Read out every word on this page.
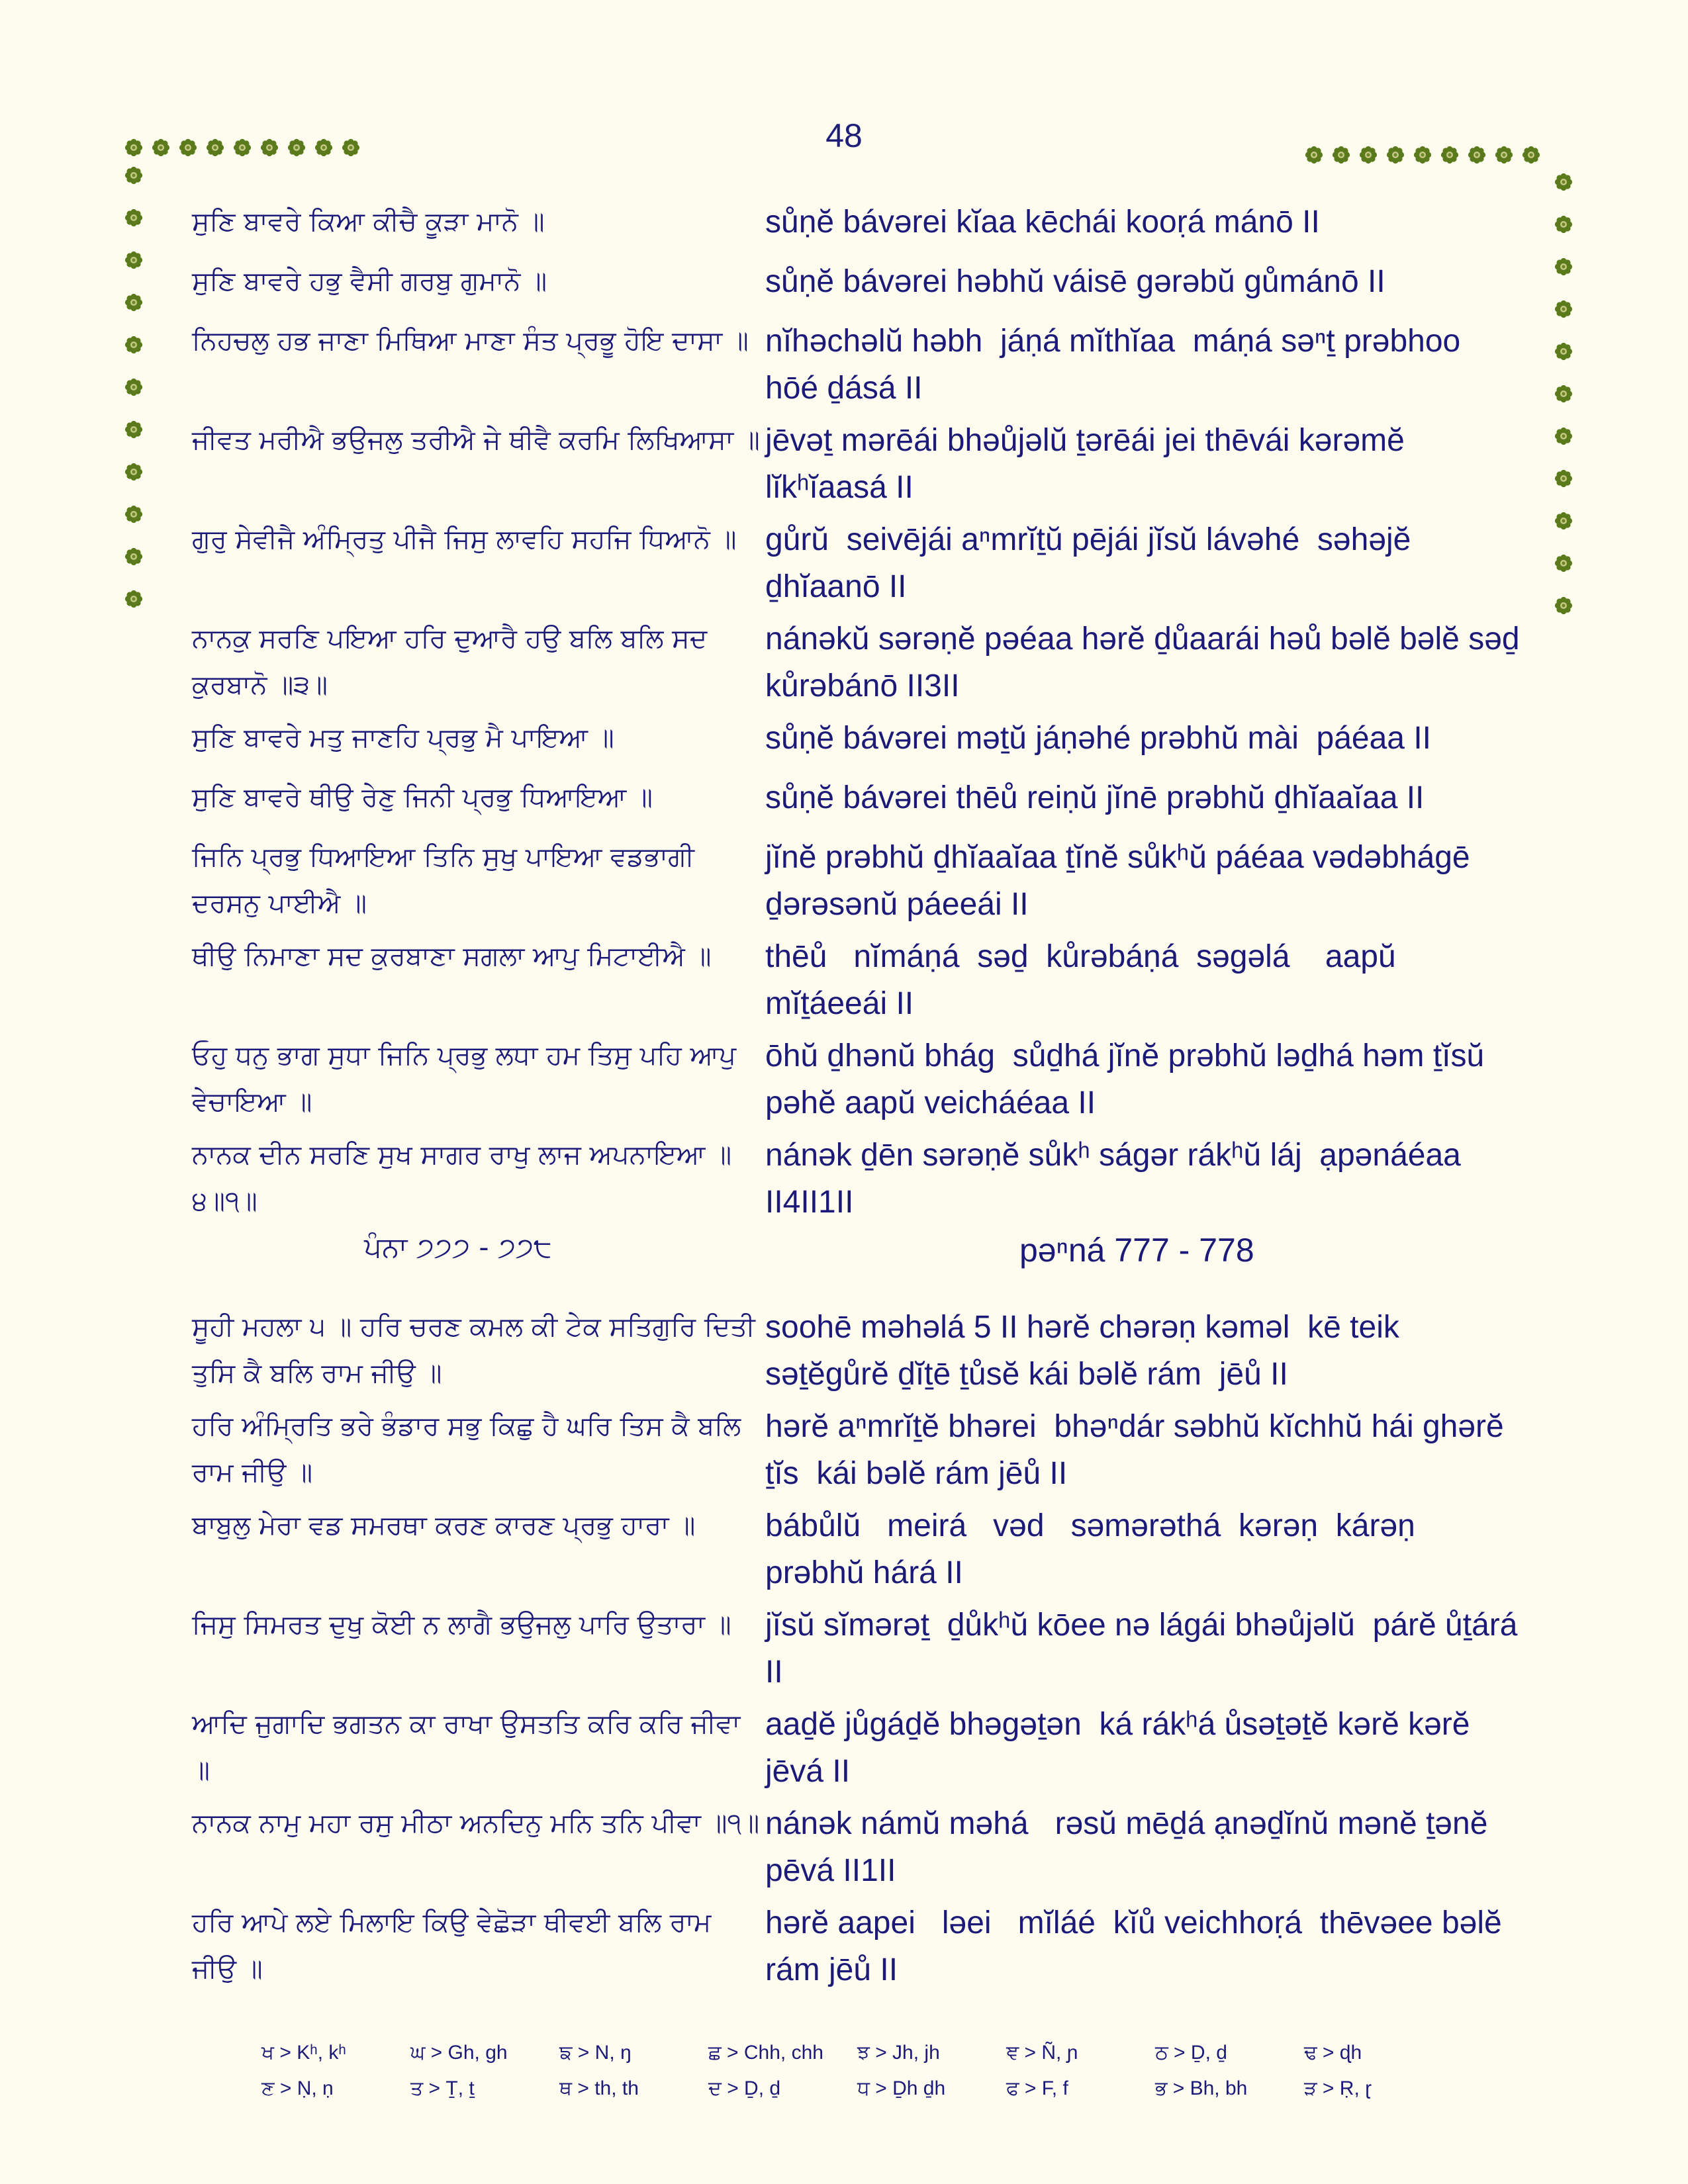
48
ਸੁਣਿ ਬਾਵਰੇ ਕਿਆ ਕੀਚੈ ਕੂੜਾ ਮਾਨੋ ॥	sůṇĕ bávərei kĭaa kēchái kooṛá mánō II
ਸੁਣਿ ਬਾਵਰੇ ਹਭੁ ਵੈਸੀ ਗਰਬੁ ਗੁਮਾਨੋ ॥	sůṇĕ bávərei həbhŭ váisē gərəbŭ gůmánō II
ਨਿਹਚਲੁ ਹਭ ਜਾਣਾ ਮਿਥਿਆ ਮਾਣਾ ਸੰਤ ਪ੍ਰਭੂ ਹੋਇ ਦਾਸਾ ॥ nĭhəchəlŭ həbh  jáṇá mĭthĭaa  máṇá səⁿṯ prəbhoo hōé ḏásá II
ਜੀਵਤ ਮਰੀਐ ਭਉਜਲੁ ਤਰੀਐ ਜੇ ਥੀਵੈ ਕਰਮਿ ਲਿਖਿਆਸਾ ॥ jēvəṯ mərēái bhəůjəlŭ ṯərēái jei thēvái kərəmĕ lĭkʰĭaasá II
ਗੁਰੁ ਸੇਵੀਜੈ ਅੰਮ੍ਰਿਤੁ ਪੀਜੈ ਜਿਸੁ ਲਾਵਹਿ ਸਹਜਿ ਧਿਆਨੋ ॥ gůrŭ  seivējái aⁿmrĭṯŭ pējái jĭsŭ lávəhé  səhəjĕ ḏhĭaanō II
ਨਾਨਕੁ ਸਰਣਿ ਪਇਆ ਹਰਿ ਦੁਆਰੈ ਹਉ ਬਲਿ ਬਲਿ ਸਦ ਕੁਰਬਾਨੋ ॥੩॥
nánəkŭ sərəṇĕ pəéaa hərĕ ḏůaarái həů bəlĕ bəlĕ səḏ  kůrəbánō II3II
ਸੁਣਿ ਬਾਵਰੇ ਮਤੁ ਜਾਣਹਿ ਪ੍ਰਭੁ ਮੈ ਪਾਇਆ ॥	sůṇĕ bávərei məṯŭ jáṇəhé prəbhŭ mài  páéaa II
ਸੁਣਿ ਬਾਵਰੇ ਥੀਉ ਰੇਣੁ ਜਿਨੀ ਪ੍ਰਭੁ ਧਿਆਇਆ ॥	sůṇĕ bávərei thēů reiṇŭ jĭnē prəbhŭ ḏhĭaaĭaa II
ਜਿਨਿ ਪ੍ਰਭੁ ਧਿਆਇਆ ਤਿਨਿ ਸੁਖੁ ਪਾਇਆ ਵਡਭਾਗੀ ਦਰਸਨੁ ਪਾਈਐ ॥
jĭnĕ prəbhŭ ḏhĭaaĭaa ṯĭnĕ sůkʰŭ páéaa vədəbhágē ḏərəsənŭ páeeái II
ਥੀਉ ਨਿਮਾਣਾ ਸਦ ਕੁਰਬਾਣਾ ਸਗਲਾ ਆਪੁ ਮਿਟਾਈਐ ॥	thēů   nĭmáṇá  səḏ  kůrəbáṇá  səgəlá    aapŭ mĭṯáeeái II
ਓਹੁ ਧਨੁ ਭਾਗ ਸੁਧਾ ਜਿਨਿ ਪ੍ਰਭੁ ਲਧਾ ਹਮ ਤਿਸੁ ਪਹਿ ਆਪੁ ਵੇਚਾਇਆ ॥
ōhŭ ḏhənŭ bhág  sůḏhá jĭnĕ prəbhŭ ləḏhá həm ṯĭsŭ pəhĕ aapŭ veicháéaa II
ਨਾਨਕ ਦੀਨ ਸਰਣਿ ਸੁਖ ਸਾਗਰ ਰਾਖੁ ਲਾਜ ਅਪਨਾਇਆ ॥੪॥੧॥
nánək ḏēn sərəṇĕ sůkʰ ságər rákʰŭ láj  ạpənáéaa II4II1II
ਸੂਹੀ ਮਹਲਾ ੫ ॥ ਹਰਿ ਚਰਣ ਕਮਲ ਕੀ ਟੇਕ ਸਤਿਗੁਰਿ ਦਿਤੀ ਤੁਸਿ ਕੈ ਬਲਿ ਰਾਮ ਜੀਉ ॥
soohē məhəlá 5 II hərĕ chərəṇ kəməl  kē teik səṯĕgůrĕ ḏĭṯē ṯůsĕ kái bəlĕ rám  jēů II
ਹਰਿ ਅੰਮ੍ਰਿਤਿ ਭਰੇ ਭੰਡਾਰ ਸਭੁ ਕਿਛੁ ਹੈ ਘਰਿ ਤਿਸ ਕੈ ਬਲਿ ਰਾਮ ਜੀਉ ॥
hərĕ aⁿmrĭṯĕ bhərei  bhəⁿdár səbhŭ kĭchhŭ hái ghərĕ  ṯĭs  kái bəlĕ rám jēů II
ਬਾਬੁਲੁ ਮੇਰਾ ਵਡ ਸਮਰਥਾ ਕਰਣ ਕਾਰਣ ਪ੍ਰਭੁ ਹਾਰਾ ॥	bábůlŭ   meirá   vəd   səmərəthá  kərəṇ  kárəṇ prəbhŭ hárá II
ਜਿਸੁ ਸਿਮਰਤ ਦੁਖੁ ਕੋਈ ਨ ਲਾਗੈ ਭਉਜਲੁ ਪਾਰਿ ਉਤਾਰਾ ॥	jĭsŭ sĭmərəṯ  ḏůkʰŭ kōee nə lágái bhəůjəlŭ  párĕ ůṯárá II
ਆਦਿ ਜੁਗਾਦਿ ਭਗਤਨ ਕਾ ਰਾਖਾ ਉਸਤਤਿ ਕਰਿ ਕਰਿ ਜੀਵਾ ॥
aaḏĕ jůgáḏĕ bhəgəṯən  ká rákʰá ůsəṯəṯĕ kərĕ kərĕ jēvá II
ਨਾਨਕ ਨਾਮੁ ਮਹਾ ਰਸੁ ਮੀਠਾ ਅਨਦਿਨੁ ਮਨਿ ਤਨਿ ਪੀਵਾ ॥੧॥ nánək námŭ məhá   rəsŭ mēḏá ạnəḏĭnŭ mənĕ ṯənĕ pēvá II1II
ਹਰਿ ਆਪੇ ਲਏ ਮਿਲਾਇ ਕਿਉ ਵੇਛੋੜਾ ਥੀਵਈ ਬਲਿ ਰਾਮ ਜੀਉ ॥
hərĕ aapei   ləei   mĭláé  kĭů veichhoṛá  thēvəee bəlĕ rám jēů II
ਪੰਨਾ ੭੭੭ - ੭੭੮	pəⁿná 777 - 778
ਖ > Kʰ, kʰ	ਘ > Gh, gh	ਙ > N, ŋ	ਛ > Chh, chh	ਝ > Jh, jh	ਞ > Ñ, ɲ	ਠ > Ḏ, ḏ	ਢ > ɖh
ਣ > Ṇ, ṇ	ਤ > Ṯ, ṯ	ਥ > th, th	ਦ > Ḏ, ḏ	ਧ > Ḏh ḏh	ਫ > F, f	ਭ > Bh, bh	ੜ > Ṛ, ɽ
